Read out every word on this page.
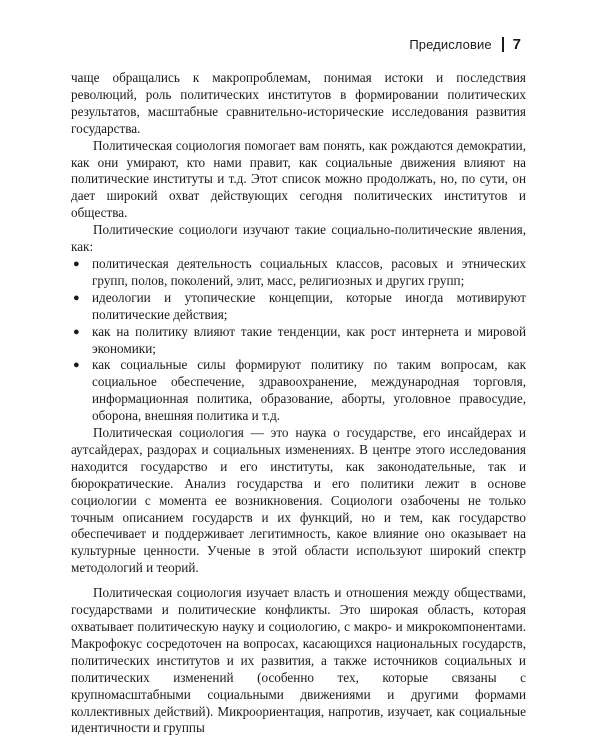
Предисловие 7

чаще обращались к макропроблемам, понимая истоки и последствия революций, роль политических институтов в формировании политических результатов, масштабные сравнительно-исторические исследования развития государства.

Политическая социология помогает вам понять, как рождаются демократии, как они умирают, кто нами правит, как социальные движения влияют на политические институты и т.д. Этот список можно продолжать, но, по сути, он дает широкий охват действующих сегодня политических институтов и общества.

Политические социологи изучают такие социально-политические явления, как:

● политическая деятельность социальных классов, расовых и этнических групп, полов, поколений, элит, масс, религиозных и других групп;
● идеологии и утопические концепции, которые иногда мотивируют политические действия;
● как на политику влияют такие тенденции, как рост интернета и мировой экономики;
● как социальные силы формируют политику по таким вопросам, как социальное обеспечение, здравоохранение, международная торговля, информационная политика, образование, аборты, уголовное правосудие, оборона, внешняя политика и т.д.

Политическая социология — это наука о государстве, его инсайдерах и аутсайдерах, раздорах и социальных изменениях. В центре этого исследования находится государство и его институты, как законодательные, так и бюрократические. Анализ государства и его политики лежит в основе социологии с момента ее возникновения. Социологи озабочены не только точным описанием государств и их функций, но и тем, как государство обеспечивает и поддерживает легитимность, какое влияние оно оказывает на культурные ценности. Ученые в этой области используют широкий спектр методологий и теорий.

Политическая социология изучает власть и отношения между обществами, государствами и политические конфликты. Это широкая область, которая охватывает политическую науку и социологию, с макро- и микрокомпонентами. Макрофокус сосредоточен на вопросах, касающихся национальных государств, политических институтов и их развития, а также источников социальных и политических изменений (особенно тех, которые связаны с крупномасштабными социальными движениями и другими формами коллективных действий). Микроориентация, напротив, изучает, как социальные идентичности и группы
